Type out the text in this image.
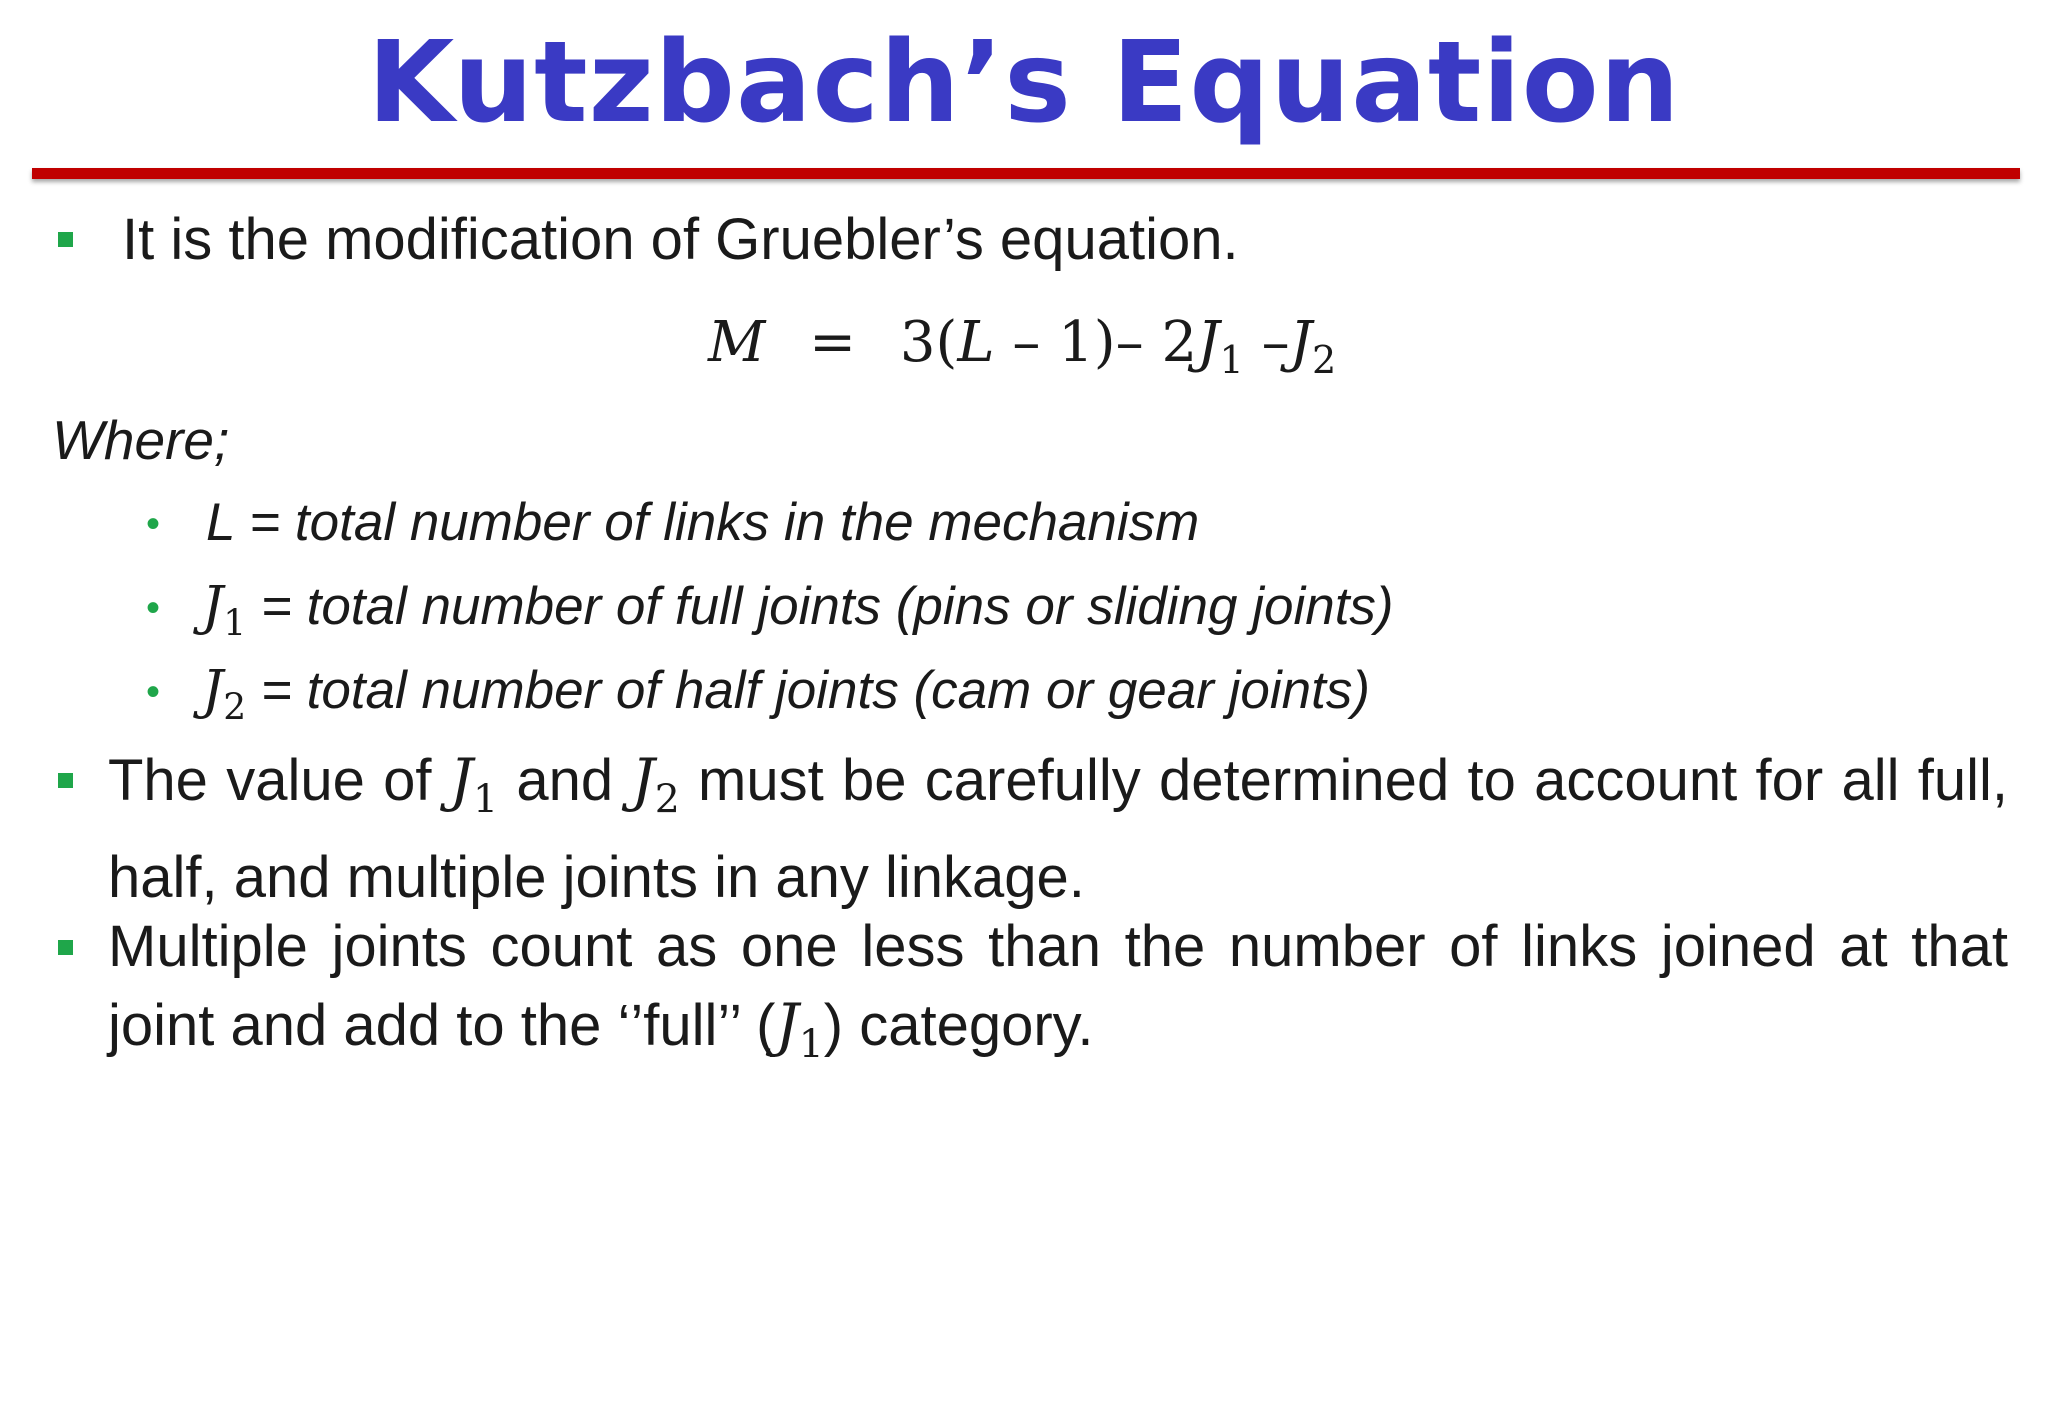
Kutzbach’s Equation
It is the modification of Gruebler’s equation.
M = 3(L – 1)– $2J_1$ $-J_2$
Where;
• L = total number of links in the mechanism
• $J_1$ = total number of full joints (pins or sliding joints)
• $J_2$ = total number of half joints (cam or gear joints)
The value of $J_1$ and $J_2$ must be carefully determined to account for all full, half, and multiple joints in any linkage.
Multiple joints count as one less than the number of links joined at that joint and add to the ‘’full’’ $(J_1)$ category.
